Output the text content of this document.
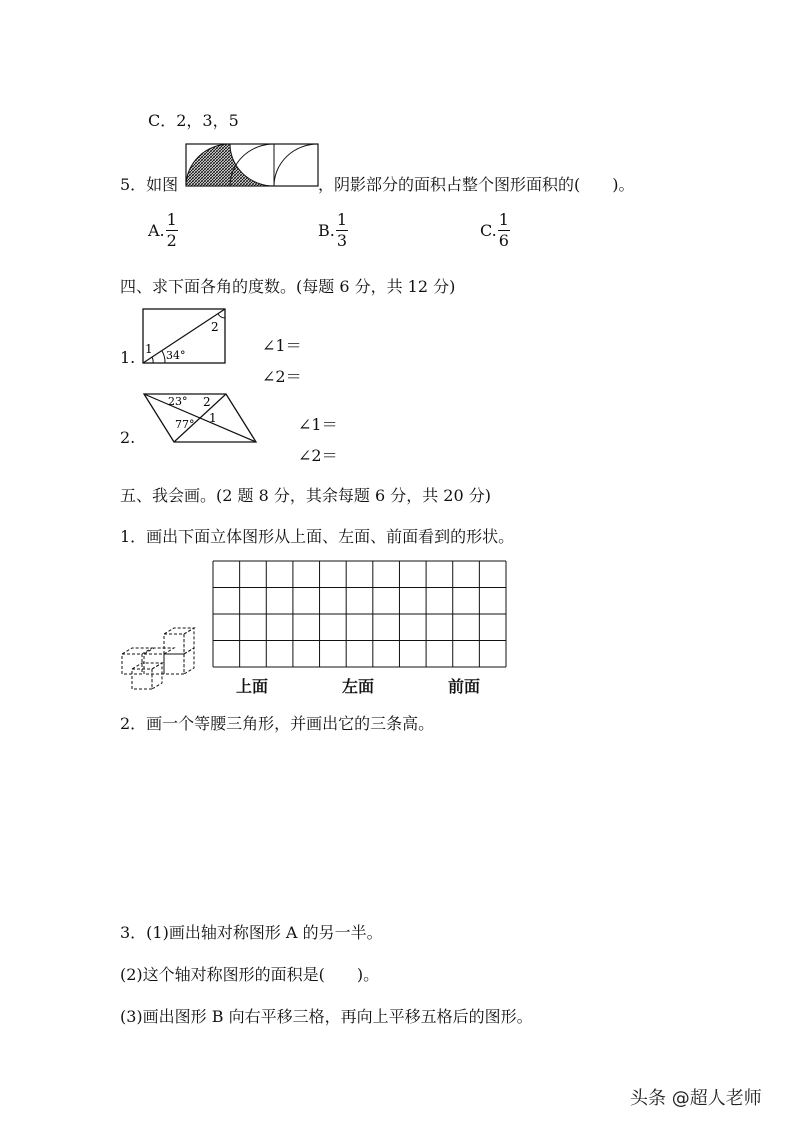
C．2，3，5
5．如图	，阴影部分的面积占整个图形面积的(　　)。
A. $\frac{1}{2}$	B. $\frac{1}{3}$	C. $\frac{1}{6}$
四、求下面各角的度数。(每题 6 分，共 12 分)
1. 1 34°
2
∠1＝
∠2＝
2.
23°
77°
2
1	∠1＝
∠2＝
五、我会画。(2 题 8 分，其余每题 6 分，共 20 分)
1．画出下面立体图形从上面、左面、前面看到的形状。
上面	左面	前面
2．画一个等腰三角形，并画出它的三条高。
3．(1)画出轴对称图形 A 的另一半。
(2)这个轴对称图形的面积是(　　)。
(3)画出图形 B 向右平移三格，再向上平移五格后的图形。
头条 @超人老师
